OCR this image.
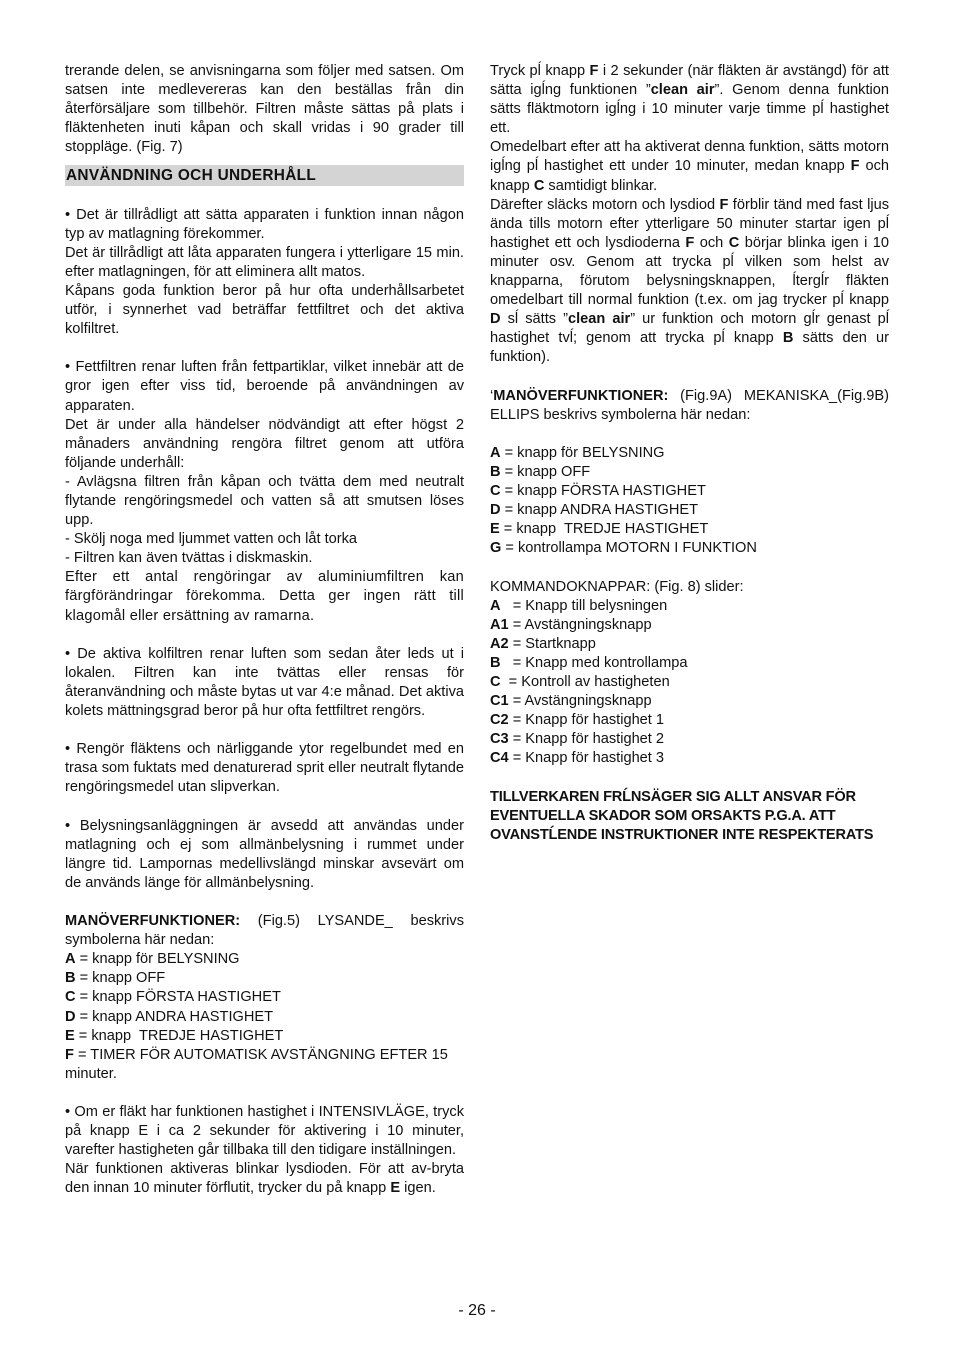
trerande delen, se anvisningarna som följer med satsen. Om satsen inte medlevereras kan den beställas från din återförsäljare som tillbehör. Filtren måste sättas på plats i fläktenheten inuti kåpan och skall vridas i 90 grader till stoppläge. (Fig. 7)

ANVÄNDNING OCH UNDERHÅLL

• Det är tillrådligt att sätta apparaten i funktion innan någon typ av matlagning förekommer.

Det är tillrådligt att låta apparaten fungera i ytterligare 15 min. efter matlagningen, för att eliminera allt matos.

Kåpans goda funktion beror på hur ofta underhållsarbetet utför, i synnerhet vad beträffar fettfiltret och det aktiva kolfiltret.

• Fettfiltren renar luften från fettpartiklar, vilket innebär att de gror igen efter viss tid, beroende på användningen av apparaten.

Det är under alla händelser nödvändigt att efter högst 2 månaders användning rengöra filtret genom att utföra följande underhåll:

- Avlägsna filtren från kåpan och tvätta dem med neutralt flytande rengöringsmedel och vatten så att smutsen löses upp.

- Skölj noga med ljummet vatten och låt torka

- Filtren kan även tvättas i diskmaskin.

Efter ett antal rengöringar av aluminiumfiltren kan färgförändringar förekomma. Detta ger ingen rätt till klagomål eller ersättning av ramarna.

• De aktiva kolfiltren renar luften som sedan åter leds ut i lokalen. Filtren kan inte tvättas eller rensas för återanvändning och måste bytas ut var 4:e månad. Det aktiva kolets mättningsgrad beror på hur ofta fettfiltret rengörs.

• Rengör fläktens och närliggande ytor regelbundet med en trasa som fuktats med denaturerad sprit eller neutralt flytande rengöringsmedel utan slipverkan.

• Belysningsanläggningen är avsedd att användas under matlagning och ej som allmänbelysning i rummet under längre tid. Lampornas medellivslängd minskar avsevärt om de används länge för allmänbelysning.

MANÖVERFUNKTIONER: (Fig.5) LYSANDE_ beskrivs symbolerna här nedan:

A = knapp för BELYSNING
B = knapp OFF
C = knapp FÖRSTA HASTIGHET
D = knapp ANDRA HASTIGHET
E = knapp  TREDJE HASTIGHET
F = TIMER FÖR AUTOMATISK AVSTÄNGNING EFTER 15 minuter.

• Om er fläkt har funktionen hastighet i INTENSIVLÄGE, tryck på knapp E i ca 2 sekunder för aktivering i 10 minuter, varefter hastigheten går tillbaka till den tidigare inställningen.

När funktionen aktiveras blinkar lysdioden. För att av-bryta den innan 10 minuter förflutit, trycker du på knapp E igen.

Tryck pĺ knapp F i 2 sekunder (när fläkten är avstängd) för att sätta igĺng funktionen ”clean air”. Genom denna funktion sätts fläktmotorn igĺng i 10 minuter varje timme pĺ hastighet ett.

Omedelbart efter att ha aktiverat denna funktion, sätts motorn igĺng pĺ hastighet ett under 10 minuter, medan knapp F och knapp C samtidigt blinkar.

Därefter släcks motorn och lysdiod F förblir tänd med fast ljus ända tills motorn efter ytterligare 50 minuter startar igen pĺ hastighet ett och lysdioderna F och C börjar blinka igen i 10 minuter osv. Genom att trycka pĺ vilken som helst av knapparna, förutom belysningsknappen, ĺtergĺr fläkten omedelbart till normal funktion (t.ex. om jag trycker pĺ knapp D sĺ sätts ”clean air” ur funktion och motorn gĺr genast pĺ hastighet tvĺ; genom att trycka pĺ knapp B sätts den ur funktion).

‘MANÖVERFUNKTIONER: (Fig.9A) MEKANISKA_(Fig.9B) ELLIPS beskrivs symbolerna här nedan:

A = knapp för BELYSNING
B = knapp OFF
C = knapp FÖRSTA HASTIGHET
D = knapp ANDRA HASTIGHET
E = knapp  TREDJE HASTIGHET
G = kontrollampa MOTORN I FUNKTION

KOMMANDOKNAPPAR: (Fig. 8) slider:

A   = Knapp till belysningen
A1 = Avstängningsknapp
A2 = Startknapp
B   = Knapp med kontrollampa
C  = Kontroll av hastigheten
C1 = Avstängningsknapp
C2 = Knapp för hastighet 1
C3 = Knapp för hastighet 2
C4 = Knapp för hastighet 3
TILLVERKAREN FRĹNSÄGER SIG ALLT ANSVAR FÖR
EVENTUELLA SKADOR SOM ORSAKTS P.G.A. ATT
OVANSTĹENDE INSTRUKTIONER INTE RESPEKTERATS
- 26 -
